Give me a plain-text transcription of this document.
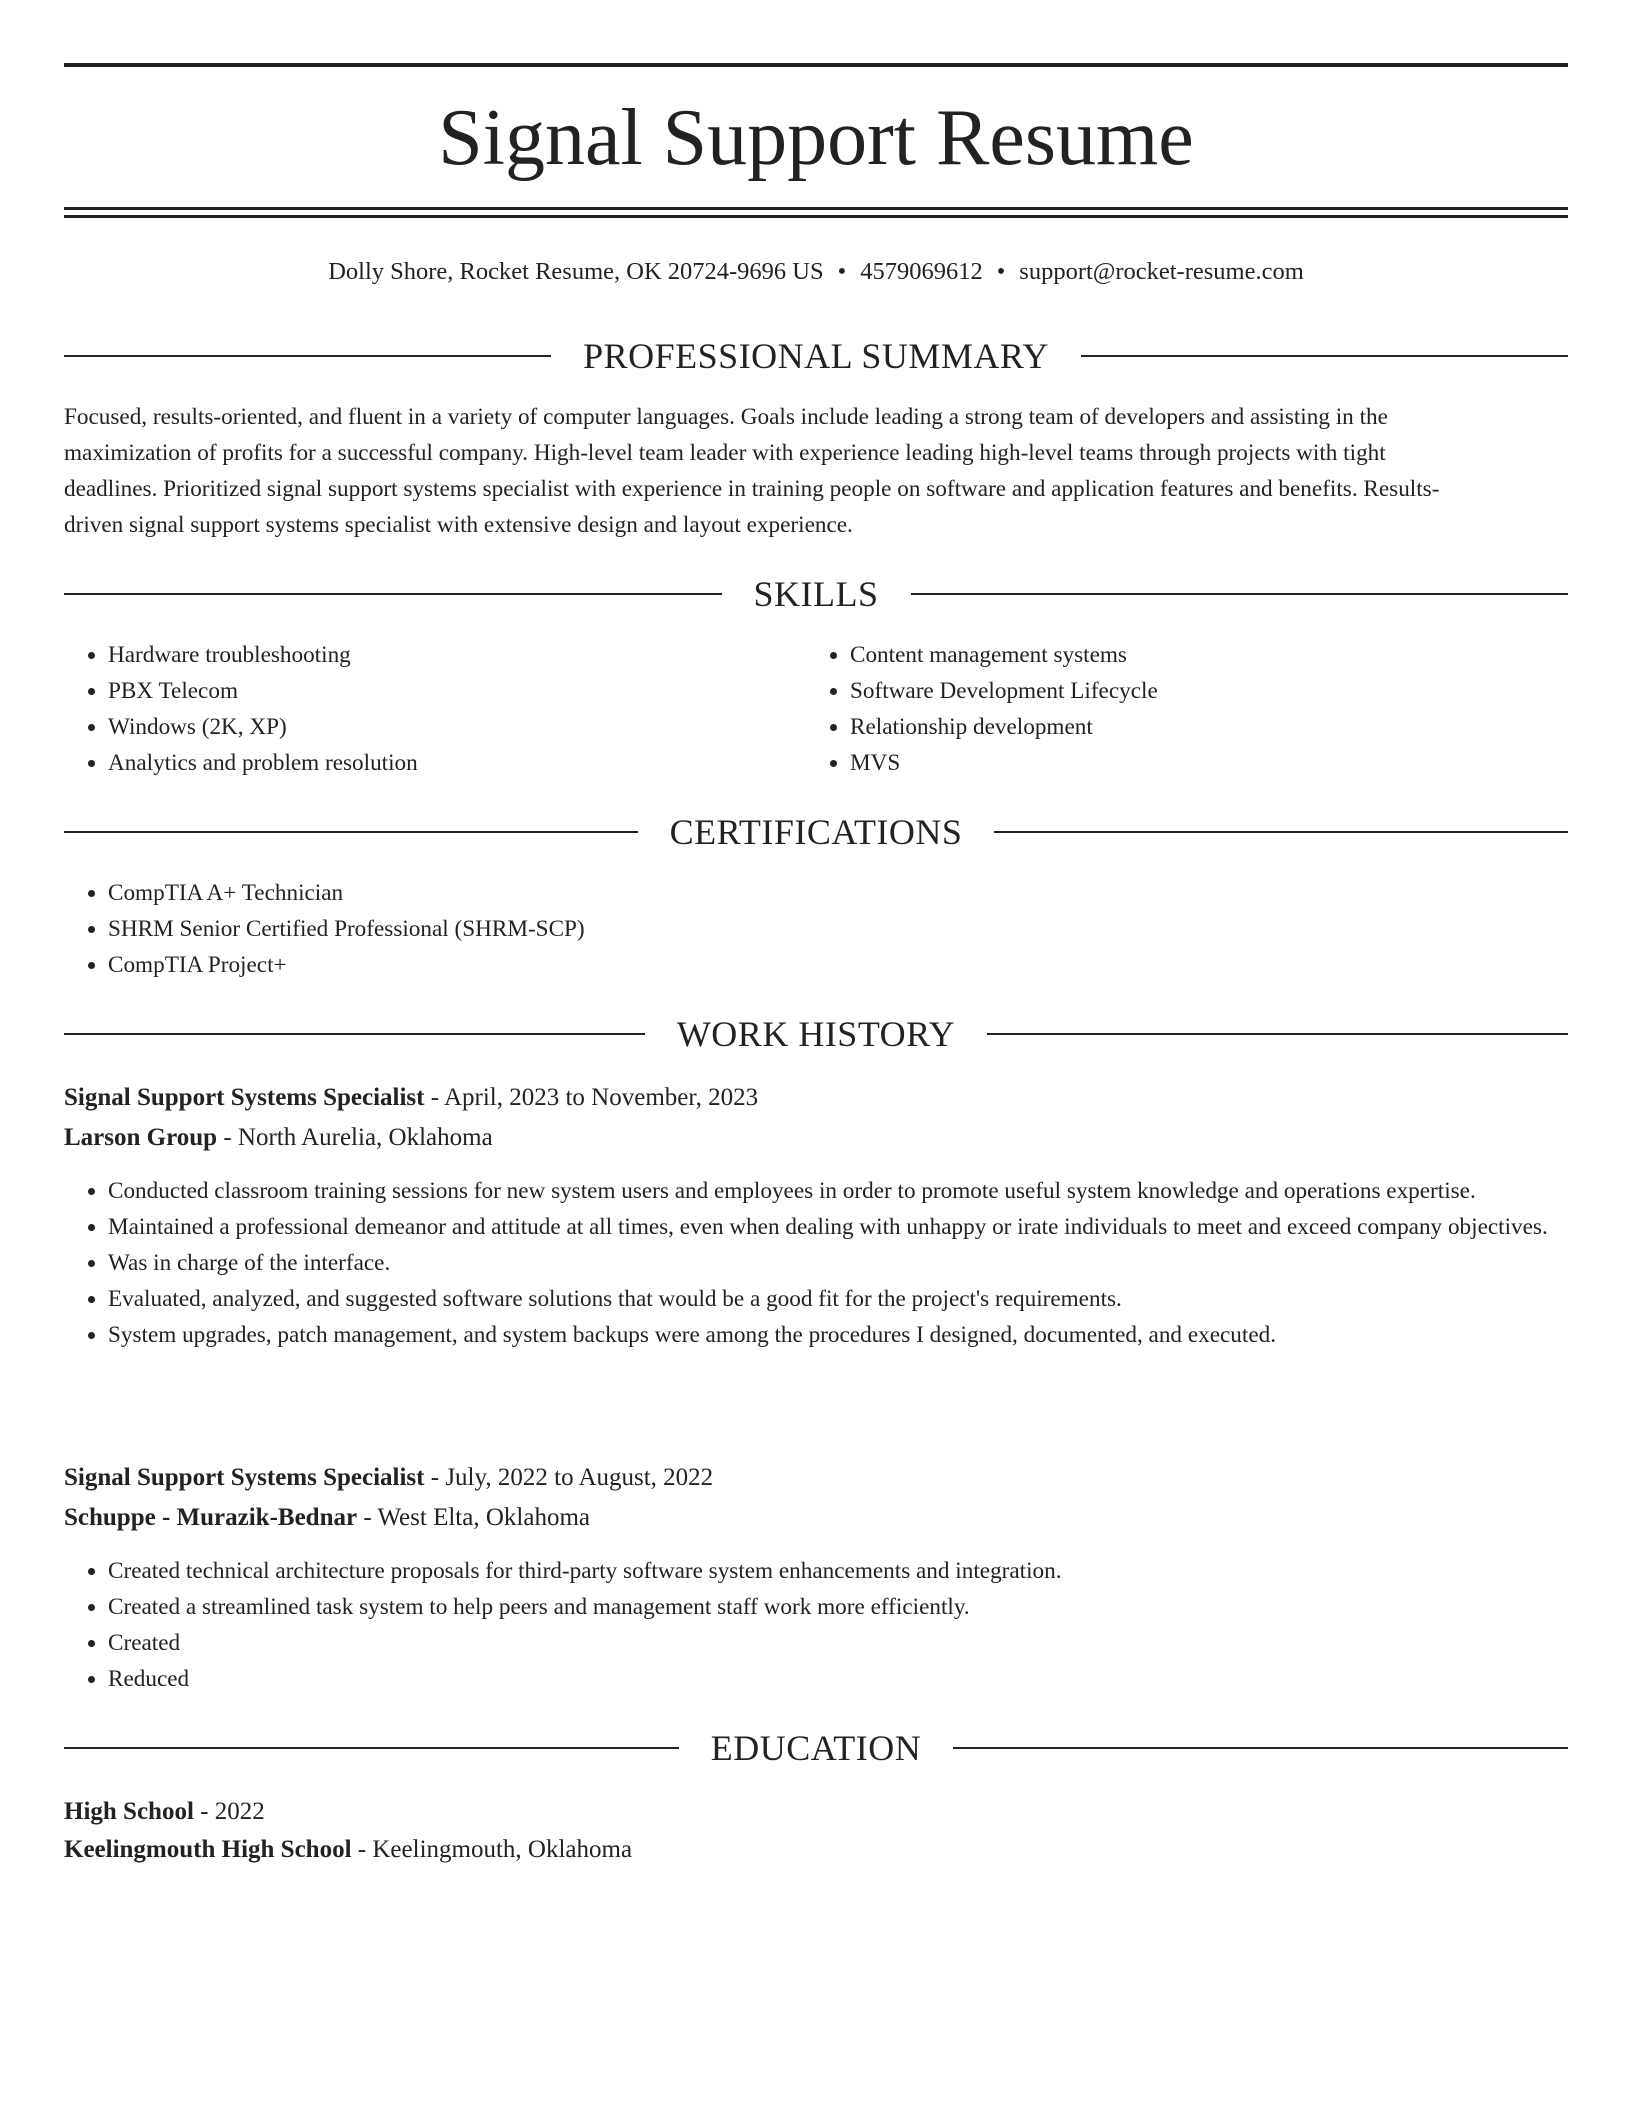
Signal Support Resume
Dolly Shore, Rocket Resume, OK 20724-9696 US • 4579069612 • support@rocket-resume.com
PROFESSIONAL SUMMARY
Focused, results-oriented, and fluent in a variety of computer languages. Goals include leading a strong team of developers and assisting in the
maximization of profits for a successful company. High-level team leader with experience leading high-level teams through projects with tight
deadlines. Prioritized signal support systems specialist with experience in training people on software and application features and benefits. Results-
driven signal support systems specialist with extensive design and layout experience.
SKILLS
• Hardware troubleshooting
• PBX Telecom
• Windows (2K, XP)
• Analytics and problem resolution
• Content management systems
• Software Development Lifecycle
• Relationship development
• MVS
CERTIFICATIONS
• CompTIA A+ Technician
• SHRM Senior Certified Professional (SHRM-SCP)
• CompTIA Project+
WORK HISTORY
Signal Support Systems Specialist - April, 2023 to November, 2023
Larson Group - North Aurelia, Oklahoma
• Conducted classroom training sessions for new system users and employees in order to promote useful system knowledge and operations expertise.
• Maintained a professional demeanor and attitude at all times, even when dealing with unhappy or irate individuals to meet and exceed company objectives.
• Was in charge of the interface.
• Evaluated, analyzed, and suggested software solutions that would be a good fit for the project's requirements.
• System upgrades, patch management, and system backups were among the procedures I designed, documented, and executed.
Signal Support Systems Specialist - July, 2022 to August, 2022
Schuppe - Murazik-Bednar - West Elta, Oklahoma
• Created technical architecture proposals for third-party software system enhancements and integration.
• Created a streamlined task system to help peers and management staff work more efficiently.
• Created
• Reduced
EDUCATION
High School - 2022
Keelingmouth High School - Keelingmouth, Oklahoma
